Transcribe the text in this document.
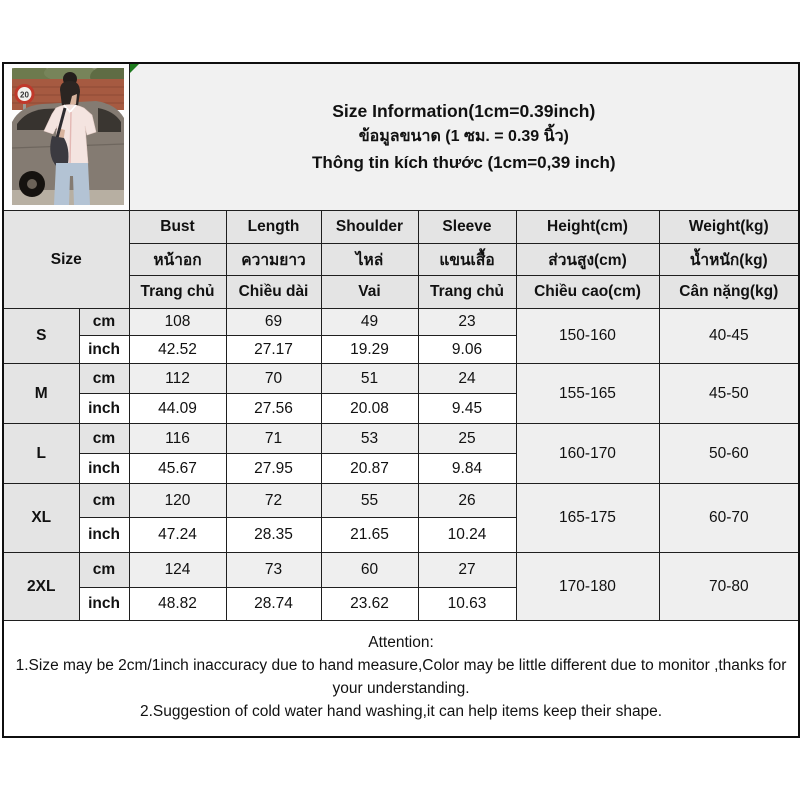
20		Size Information(1cm=0.39inch)
ข้อมูลขนาด (1 ซม. = 0.39 นิ้ว)
Thông tin kích thước (1cm=0,39 inch)					

Size		Bust	Length	Shoulder	Sleeve	Height(cm)	Weight(kg)
		หน้าอก	ความยาว	ไหล่	แขนเสื้อ	ส่วนสูง(cm)	น้ำหนัก(kg)
		Trang chủ	Chiều dài	Vai	Trang chủ	Chiều cao(cm)	Cân nặng(kg)
S	cm	108	69	49	23	150-160	40-45
	inch	42.52	27.17	19.29	9.06		
M	cm	112	70	51	24	155-165	45-50
	inch	44.09	27.56	20.08	9.45		
L	cm	116	71	53	25	160-170	50-60
	inch	45.67	27.95	20.87	9.84		
XL	cm	120	72	55	26	165-175	60-70
	inch	47.24	28.35	21.65	10.24		
2XL	cm	124	73	60	27	170-180	70-80
	inch	48.82	28.74	23.62	10.63		

Attention:
1.Size may be 2cm/1inch inaccuracy due to hand measure,Color may be little different due to monitor ,thanks for your understanding.
2.Suggestion of cold water hand washing,it can help items keep their shape.							
